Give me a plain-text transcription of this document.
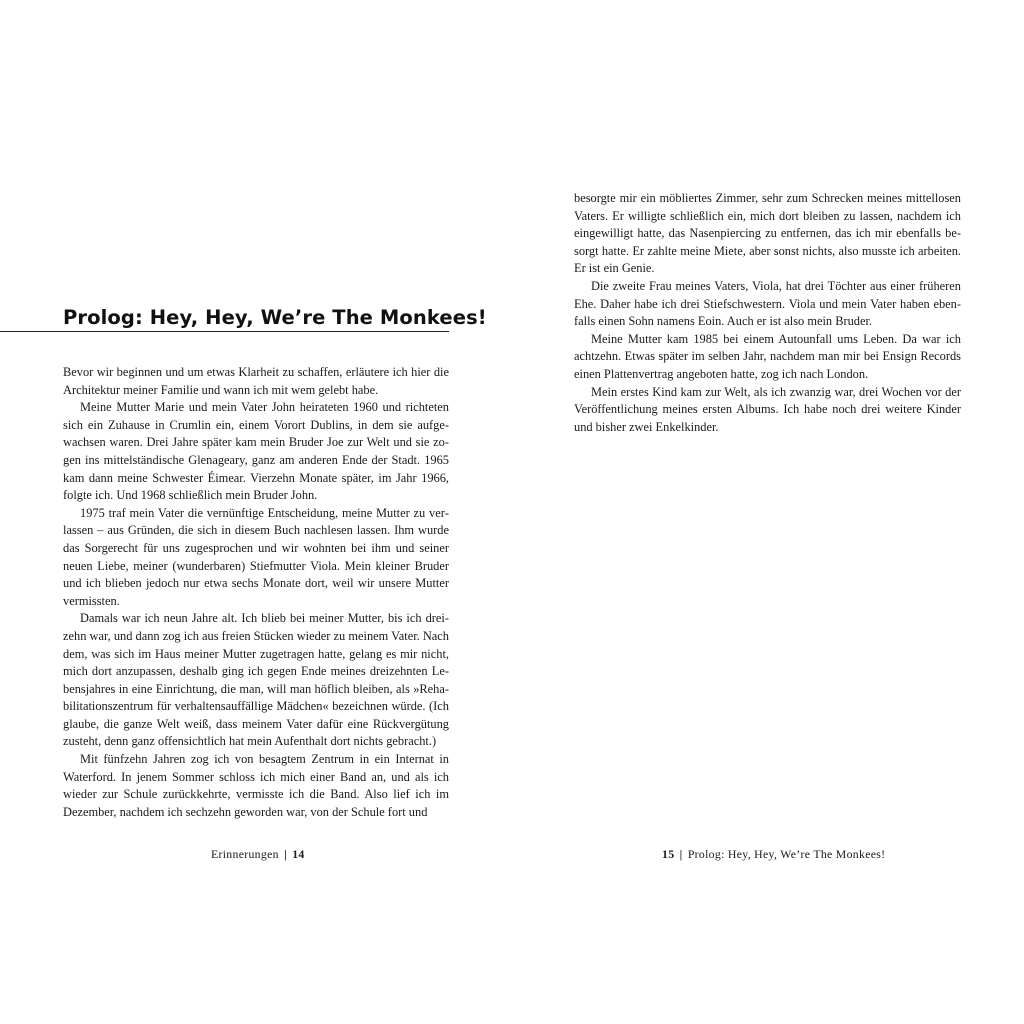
Prolog: Hey, Hey, We’re The Monkees!

Bevor wir beginnen und um etwas Klarheit zu schaffen, erläutere ich hier die Architektur meiner Familie und wann ich mit wem gelebt habe.

Meine Mutter Marie und mein Vater John heirateten 1960 und richteten sich ein Zuhause in Crumlin ein, einem Vorort Dublins, in dem sie aufgewachsen waren. Drei Jahre später kam mein Bruder Joe zur Welt und sie zogen ins mittelständische Glenageary, ganz am anderen Ende der Stadt. 1965 kam dann meine Schwester Éimear. Vierzehn Monate später, im Jahr 1966, folgte ich. Und 1968 schließlich mein Bruder John.

1975 traf mein Vater die vernünftige Entscheidung, meine Mutter zu verlassen – aus Gründen, die sich in diesem Buch nachlesen lassen. Ihm wurde das Sorgerecht für uns zugesprochen und wir wohnten bei ihm und seiner neuen Liebe, meiner (wunderbaren) Stiefmutter Viola. Mein kleiner Bruder und ich blieben jedoch nur etwa sechs Monate dort, weil wir unsere Mutter vermissten.

Damals war ich neun Jahre alt. Ich blieb bei meiner Mutter, bis ich dreizehn war, und dann zog ich aus freien Stücken wieder zu meinem Vater. Nach dem, was sich im Haus meiner Mutter zugetragen hatte, gelang es mir nicht, mich dort anzupassen, deshalb ging ich gegen Ende meines dreizehnten Lebensjahres in eine Einrichtung, die man, will man höflich bleiben, als »Rehabilitationszentrum für verhaltensauffällige Mädchen« bezeichnen würde. (Ich glaube, die ganze Welt weiß, dass meinem Vater dafür eine Rückvergütung zusteht, denn ganz offensichtlich hat mein Aufenthalt dort nichts gebracht.)

Mit fünfzehn Jahren zog ich von besagtem Zentrum in ein Internat in Waterford. In jenem Sommer schloss ich mich einer Band an, und als ich wieder zur Schule zurückkehrte, vermisste ich die Band. Also lief ich im Dezember, nachdem ich sechzehn geworden war, von der Schule fort und

Erinnerungen | 14

besorgte mir ein möbliertes Zimmer, sehr zum Schrecken meines mittellosen Vaters. Er willigte schließlich ein, mich dort bleiben zu lassen, nachdem ich eingewilligt hatte, das Nasenpiercing zu entfernen, das ich mir ebenfalls besorgt hatte. Er zahlte meine Miete, aber sonst nichts, also musste ich arbeiten. Er ist ein Genie.

Die zweite Frau meines Vaters, Viola, hat drei Töchter aus einer früheren Ehe. Daher habe ich drei Stiefschwestern. Viola und mein Vater haben ebenfalls einen Sohn namens Eoin. Auch er ist also mein Bruder.

Meine Mutter kam 1985 bei einem Autounfall ums Leben. Da war ich achtzehn. Etwas später im selben Jahr, nachdem man mir bei Ensign Records einen Plattenvertrag angeboten hatte, zog ich nach London.

Mein erstes Kind kam zur Welt, als ich zwanzig war, drei Wochen vor der Veröffentlichung meines ersten Albums. Ich habe noch drei weitere Kinder und bisher zwei Enkelkinder.

15 | Prolog: Hey, Hey, We’re The Monkees!
